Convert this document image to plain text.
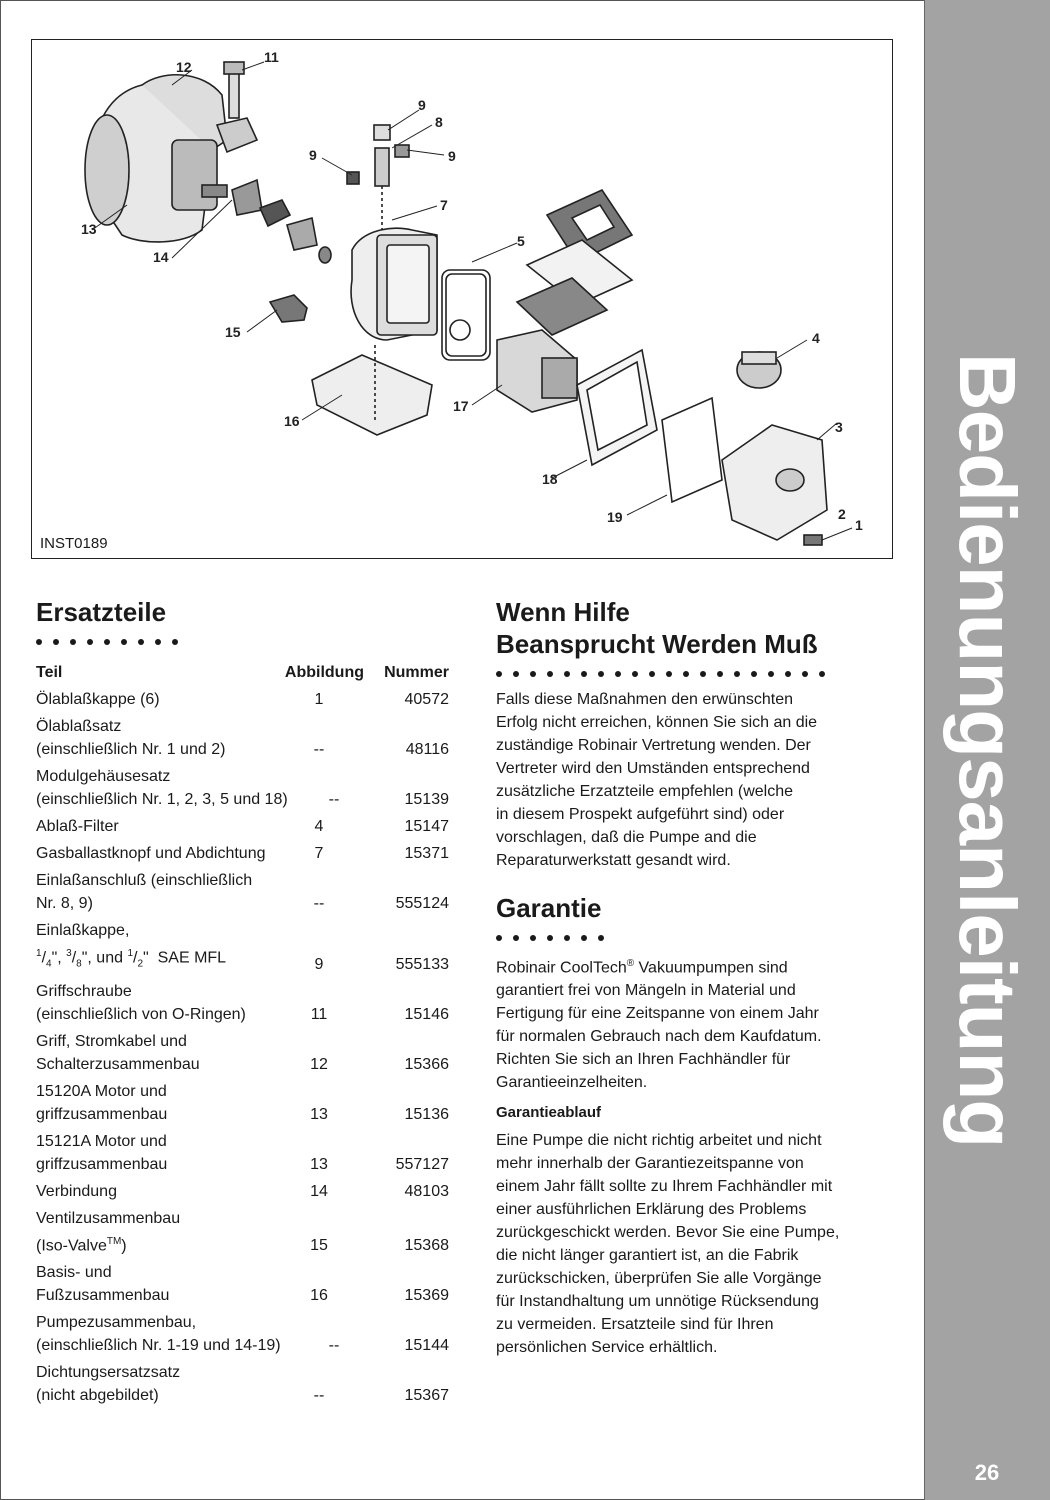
Bedienungsanleitung
26
11
12
9
8
9	9
7
13
5
14
15	4
17
16	3
18
2
19	1
INST0189
Ersatzteile
Teil	Abbildung	Nummer
Ölablaßkappe (6)	1	40572
Ölablaßsatz
(einschließlich Nr. 1 und 2)	--	48116
Modulgehäusesatz
(einschließlich Nr. 1, 2, 3, 5 und 18)	--	15139
Ablaß-Filter	4	15147
Gasballastknopf und Abdichtung	7	15371
Einlaßanschluß (einschließlich
Nr. 8, 9)	--	555124
Einlaßkappe,
$^1/_4$", $^3/_8$", und $^1/_2$"  SAE MFL	9	555133
Griffschraube
(einschließlich von O-Ringen)	11	15146
Griff, Stromkabel und
Schalterzusammenbau	12	15366
15120A Motor und
griffzusammenbau	13	15136
15121A Motor und
griffzusammenbau	13	557127
Verbindung	14	48103
Ventilzusammenbau
(Iso-Valve™)	15	15368
Basis- und
Fußzusammenbau	16	15369
Pumpezusammenbau,
(einschließlich Nr. 1-19 und 14-19)	--	15144
Dichtungsersatzsatz
(nicht abgebildet)	--	15367
Wenn Hilfe
Beansprucht Werden Muß

Falls diese Maßnahmen den erwünschten
Erfolg nicht erreichen, können Sie sich an die
zuständige Robinair Vertretung wenden. Der
Vertreter wird den Umständen entsprechend
zusätzliche Erzatzteile empfehlen (welche
in diesem Prospekt aufgeführt sind) oder
vorschlagen, daß die Pumpe and die
Reparaturwerkstatt gesandt wird.

Garantie

Robinair CoolTech® Vakuumpumpen sind
garantiert frei von Mängeln in Material und
Fertigung für eine Zeitspanne von einem Jahr
für normalen Gebrauch nach dem Kaufdatum.
Richten Sie sich an Ihren Fachhändler für
Garantieeinzelheiten.

Garantieablauf

Eine Pumpe die nicht richtig arbeitet und nicht
mehr innerhalb der Garantiezeitspanne von
einem Jahr fällt sollte zu Ihrem Fachhändler mit
einer ausführlichen Erklärung des Problems
zurückgeschickt werden. Bevor Sie eine Pumpe,
die nicht länger garantiert ist, an die Fabrik
zurückschicken, überprüfen Sie alle Vorgänge
für Instandhaltung um unnötige Rücksendung
zu vermeiden. Ersatzteile sind für Ihren
persönlichen Service erhältlich.
